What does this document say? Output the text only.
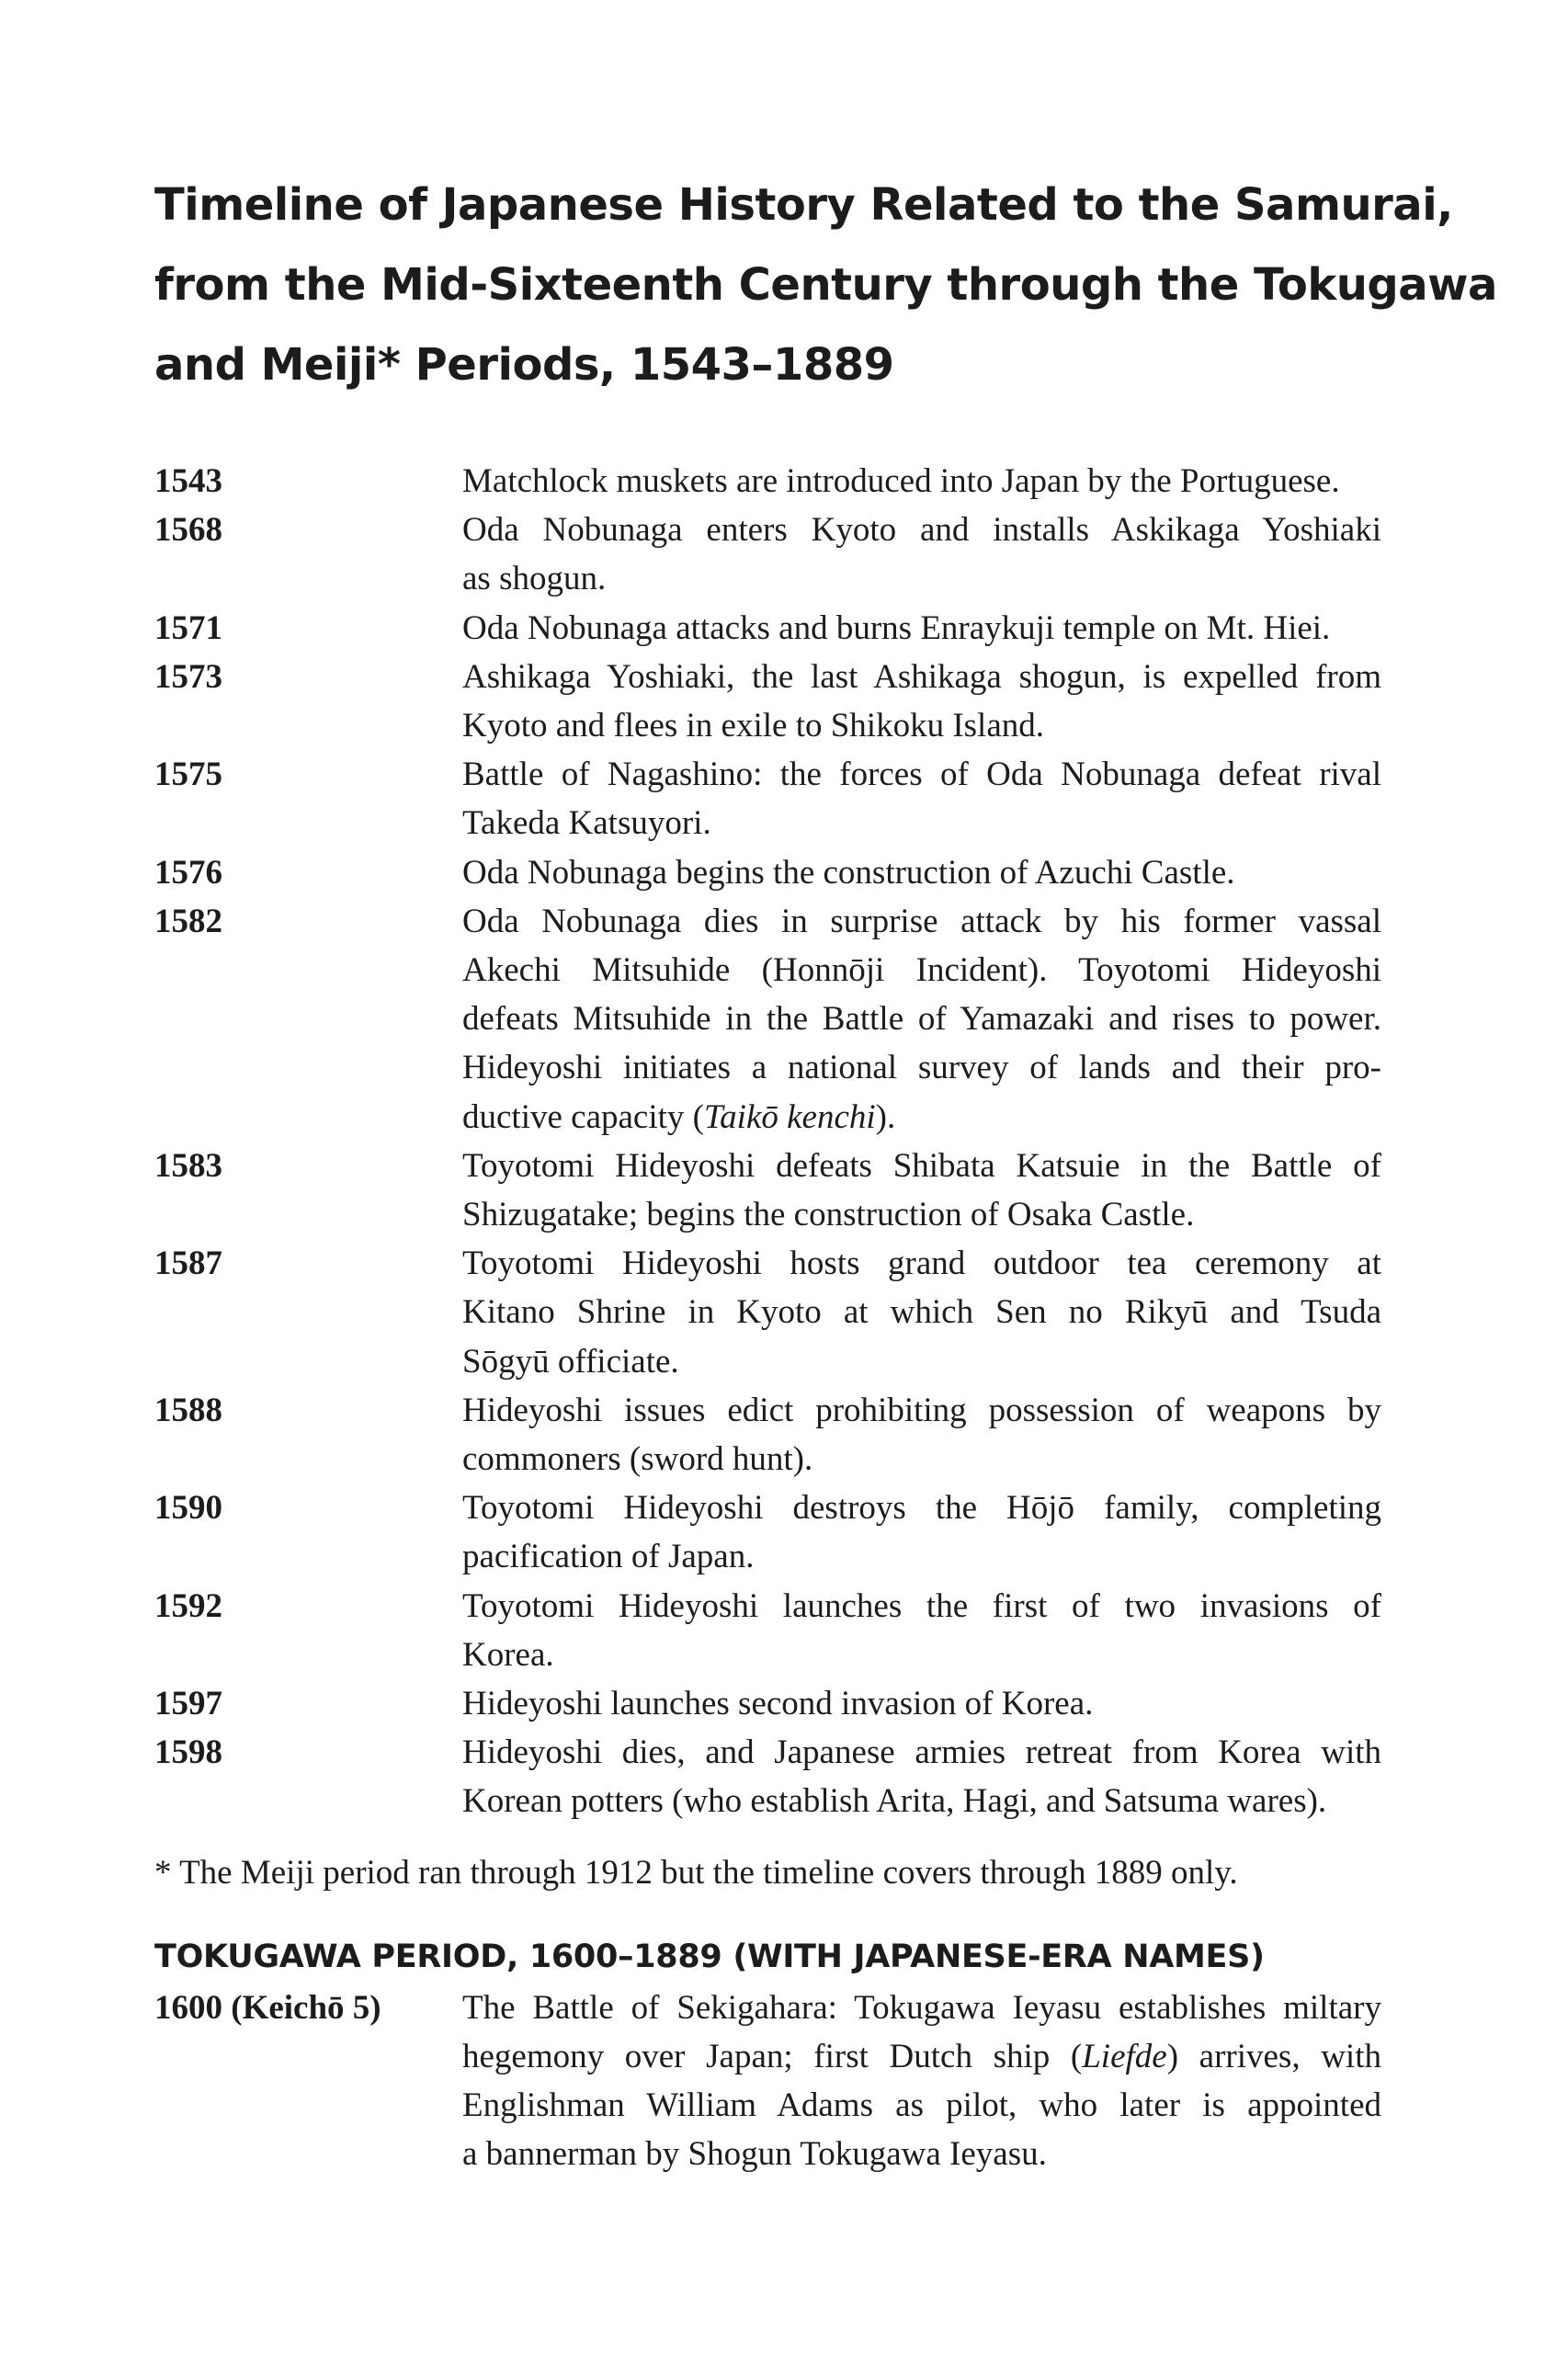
Timeline of Japanese History Related to the Samurai,
from the Mid-Sixteenth Century through the Tokugawa
and Meiji* Periods, 1543–1889
1543	Matchlock muskets are introduced into Japan by the Portuguese.
1568	Oda Nobunaga enters Kyoto and installs Askikaga Yoshiaki
as shogun.
1571	Oda Nobunaga attacks and burns Enraykuji temple on Mt. Hiei.
1573	Ashikaga Yoshiaki, the last Ashikaga shogun, is expelled from
Kyoto and flees in exile to Shikoku Island.
1575	Battle of Nagashino: the forces of Oda Nobunaga defeat rival
Takeda Katsuyori.
1576	Oda Nobunaga begins the construction of Azuchi Castle.
1582	Oda Nobunaga dies in surprise attack by his former vassal
Akechi Mitsuhide (Honnōji Incident). Toyotomi Hideyoshi
defeats Mitsuhide in the Battle of Yamazaki and rises to power.
Hideyoshi initiates a national survey of lands and their pro-
ductive capacity (Taikō kenchi).
1583	Toyotomi Hideyoshi defeats Shibata Katsuie in the Battle of
Shizugatake; begins the construction of Osaka Castle.
1587	Toyotomi Hideyoshi hosts grand outdoor tea ceremony at
Kitano Shrine in Kyoto at which Sen no Rikyū and Tsuda
Sōgyū officiate.
1588	Hideyoshi issues edict prohibiting possession of weapons by
commoners (sword hunt).
1590	Toyotomi Hideyoshi destroys the Hōjō family, completing
pacification of Japan.
1592	Toyotomi Hideyoshi launches the first of two invasions of
Korea.
1597	Hideyoshi launches second invasion of Korea.
1598	Hideyoshi dies, and Japanese armies retreat from Korea with
Korean potters (who establish Arita, Hagi, and Satsuma wares).
* The Meiji period ran through 1912 but the timeline covers through 1889 only.
TOKUGAWA PERIOD, 1600–1889 (WITH JAPANESE-ERA NAMES)
1600 (Keichō 5)	The Battle of Sekigahara: Tokugawa Ieyasu establishes miltary
hegemony over Japan; first Dutch ship (Liefde) arrives, with
Englishman William Adams as pilot, who later is appointed
a bannerman by Shogun Tokugawa Ieyasu.
